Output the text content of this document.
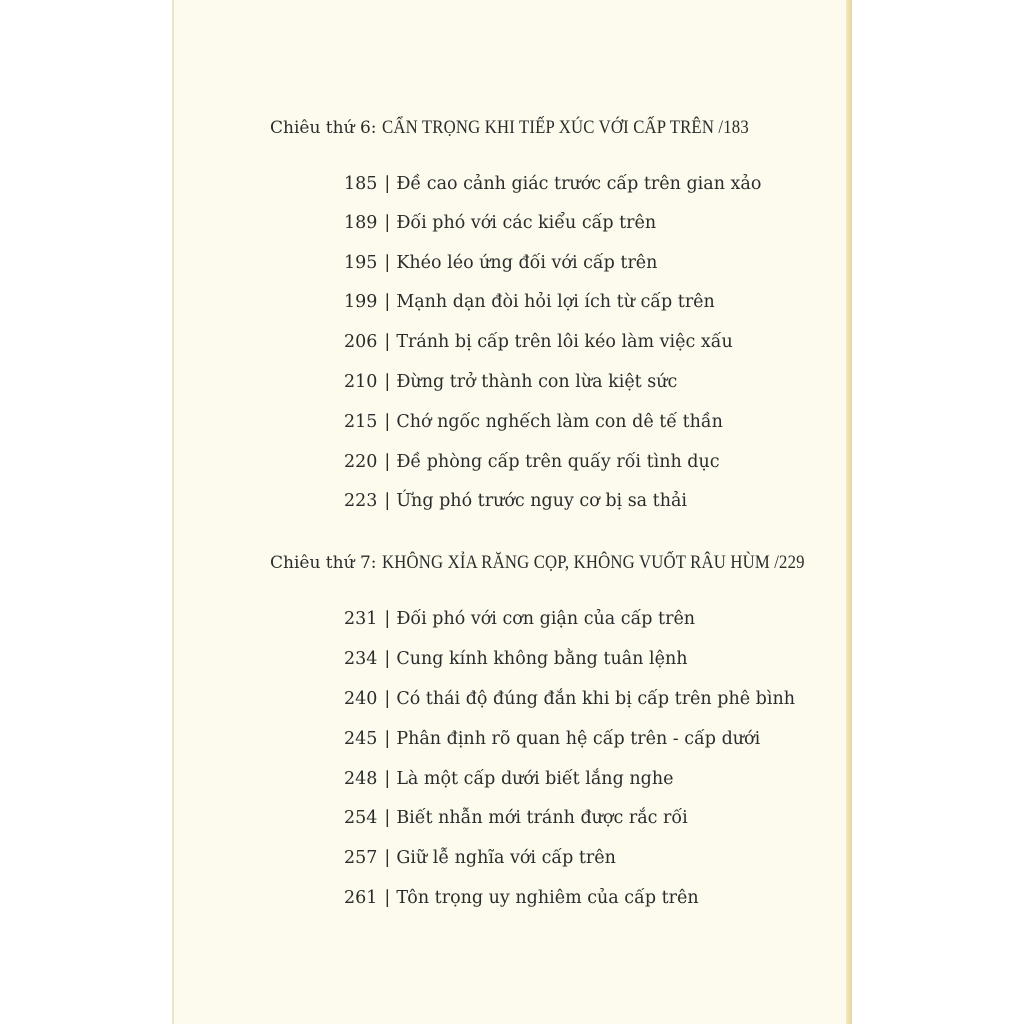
Chiêu thứ 6: CẨN TRỌNG KHI TIẾP XÚC VỚI CẤP TRÊN /183
185 | Đề cao cảnh giác trước cấp trên gian xảo
189 | Đối phó với các kiểu cấp trên
195 | Khéo léo ứng đối với cấp trên
199 | Mạnh dạn đòi hỏi lợi ích từ cấp trên
206 | Tránh bị cấp trên lôi kéo làm việc xấu
210 | Đừng trở thành con lừa kiệt sức
215 | Chớ ngốc nghếch làm con dê tế thần
220 | Đề phòng cấp trên quấy rối tình dục
223 | Ứng phó trước nguy cơ bị sa thải
Chiêu thứ 7: KHÔNG XỈA RĂNG CỌP, KHÔNG VUỐT RÂU HÙM /229
231 | Đối phó với cơn giận của cấp trên
234 | Cung kính không bằng tuân lệnh
240 | Có thái độ đúng đắn khi bị cấp trên phê bình
245 | Phân định rõ quan hệ cấp trên - cấp dưới
248 | Là một cấp dưới biết lắng nghe
254 | Biết nhẫn mới tránh được rắc rối
257 | Giữ lễ nghĩa với cấp trên
261 | Tôn trọng uy nghiêm của cấp trên
